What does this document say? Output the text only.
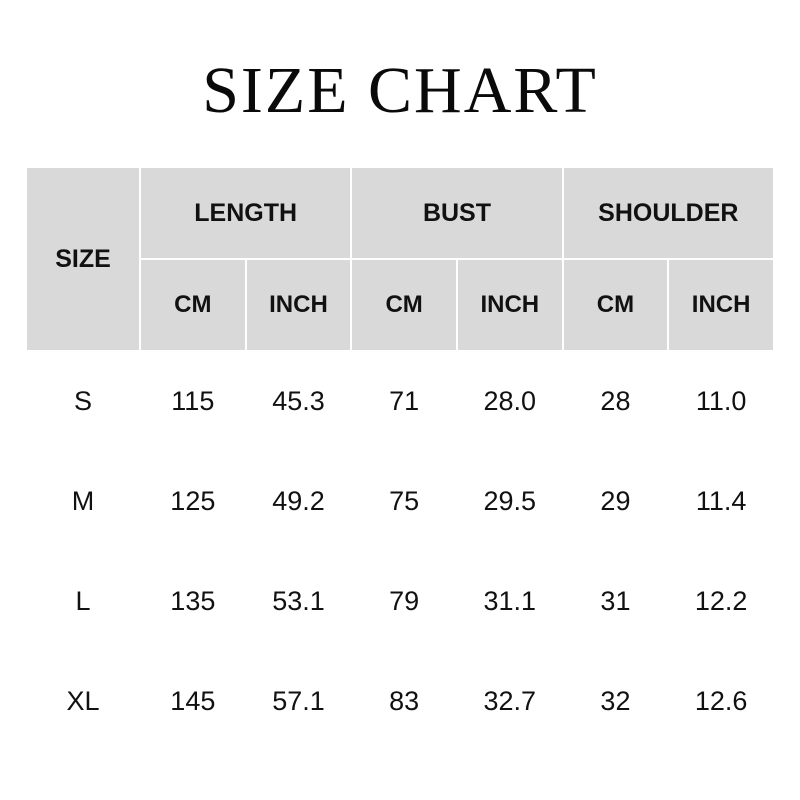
SIZE CHART
SIZE	LENGTH		BUST		SHOULDER	
	CM	INCH	CM	INCH	CM	INCH
S	115	45.3	71	28.0	28	11.0
M	125	49.2	75	29.5	29	11.4
L	135	53.1	79	31.1	31	12.2
XL	145	57.1	83	32.7	32	12.6
